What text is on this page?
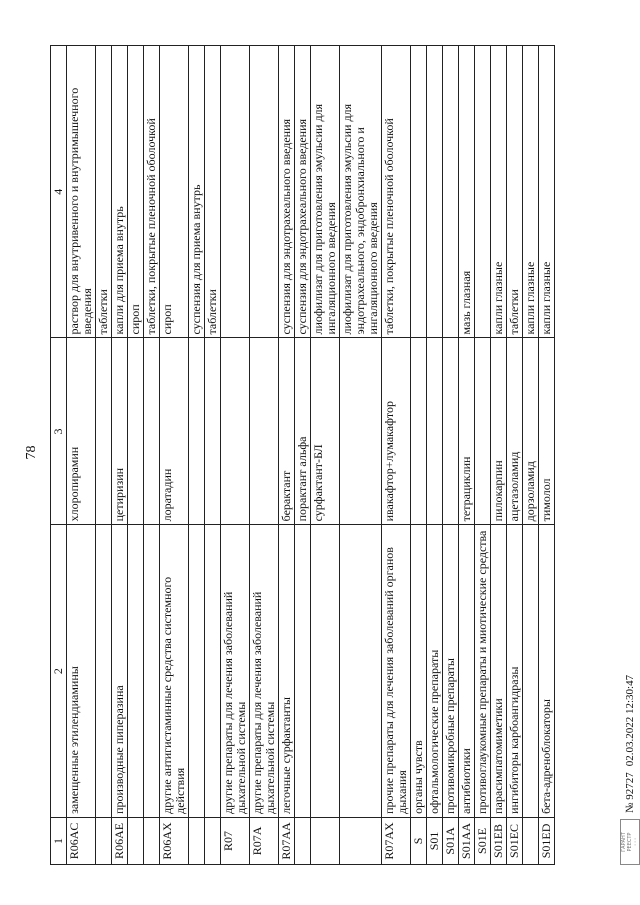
78
1	2	3	4
R06AC	замещенные этилендиамины	хлоропирамин	раствор для внутривенного и внутримышечного введения
			таблетки
R06AE	производные пиперазина	цетиризин	капли для приема внутрь
			сироп
			таблетки, покрытые пленочной оболочкой
R06AX	другие антигистаминные средства системного действия	лоратадин	сироп
			суспензия для приема внутрь
			таблетки
R07	другие препараты для лечения заболеваний дыхательной системы		
R07A	другие препараты для лечения заболеваний дыхательной системы		
R07AA	легочные сурфактанты	берактант	суспензия для эндотрахеального введения
		порактант альфа	суспензия для эндотрахеального введения
		сурфактант-БЛ	лиофилизат для приготовления эмульсии для ингаляционного введения
			лиофилизат для приготовления эмульсии для эндотрахеального, эндобронхиального и ингаляционного введения
R07AX	прочие препараты для лечения заболеваний органов дыхания	ивакафтор+лумакафтор	таблетки, покрытые пленочной оболочкой
S	органы чувств		
S01	офтальмологические препараты		
S01A	противомикробные препараты		
S01AA	антибиотики	тетрациклин	мазь глазная
S01E	противоглаукомные препараты и миотические средства		
S01EB	парасимпатомиметики	пилокарпин	капли глазные
S01EC	ингибиторы карбоангидразы	ацетазоламид	таблетки
		дорзоламид	капли глазные
S01ED	бета-адреноблокаторы	тимолол	капли глазные
ГАРАНТ
РЕЕСТР
◦◦◦
№ 92727
02.03.2022 12:30:47
